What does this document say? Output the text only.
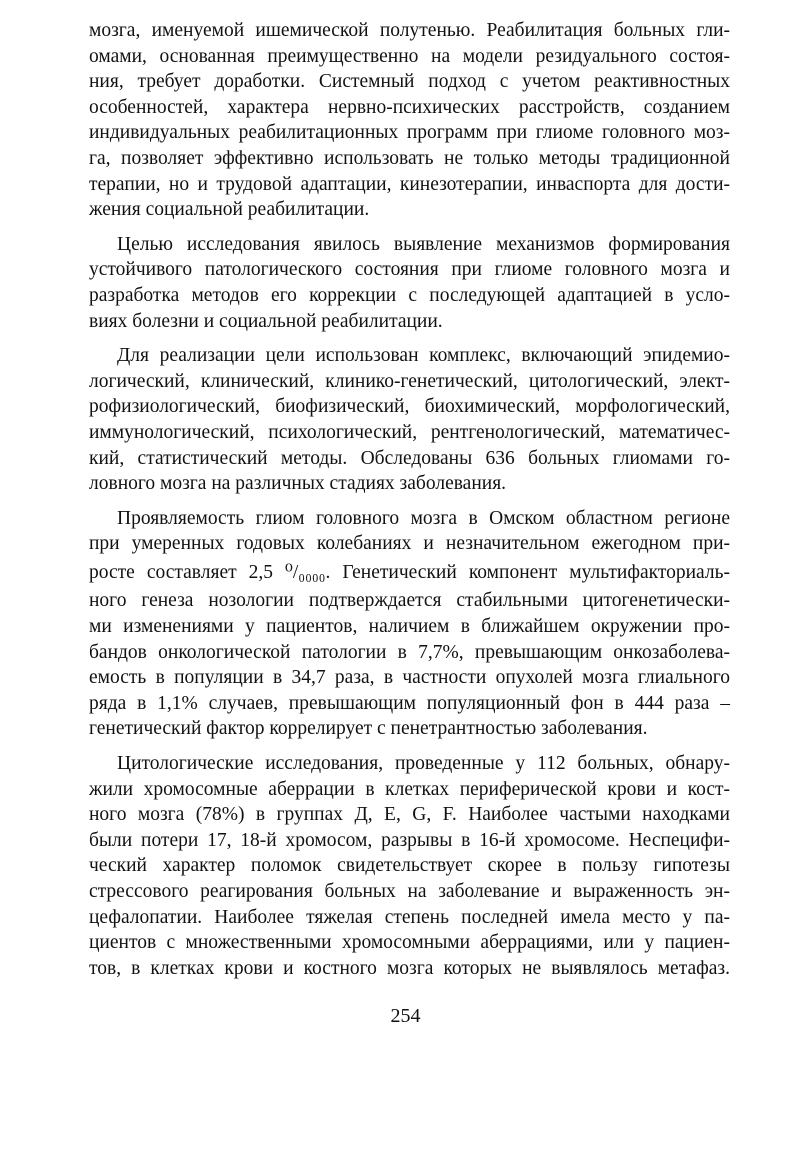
мозга, именуемой ишемической полутенью. Реабилитация больных гли-
омами, основанная преимущественно на модели резидуального состоя-
ния, требует доработки. Системный подход с учетом реактивностных
особенностей, характера нервно-психических расстройств, созданием
индивидуальных реабилитационных программ при глиоме головного моз-
га, позволяет эффективно использовать не только методы традиционной
терапии, но и трудовой адаптации, кинезотерапии, инваспорта для дости-
жения социальной реабилитации.
Целью исследования явилось выявление механизмов формирования
устойчивого патологического состояния при глиоме головного мозга и
разработка методов его коррекции с последующей адаптацией в усло-
виях болезни и социальной реабилитации.
Для реализации цели использован комплекс, включающий эпидемио-
логический, клинический, клинико-генетический, цитологический, элект-
рофизиологический, биофизический, биохимический, морфологический,
иммунологический, психологический, рентгенологический, математичес-
кий, статистический методы. Обследованы 636 больных глиомами го-
ловного мозга на различных стадиях заболевания.
Проявляемость глиом головного мозга в Омском областном регионе
при умеренных годовых колебаниях и незначительном ежегодном при-
росте составляет 2,5 ⁰/₀₀₀₀. Генетический компонент мультифакториаль-
ного генеза нозологии подтверждается стабильными цитогенетически-
ми изменениями у пациентов, наличием в ближайшем окружении про-
бандов онкологической патологии в 7,7%, превышающим онкозаболева-
емость в популяции в 34,7 раза, в частности опухолей мозга глиального
ряда в 1,1% случаев, превышающим популяционный фон в 444 раза –
генетический фактор коррелирует с пенетрантностью заболевания.
Цитологические исследования, проведенные у 112 больных, обнару-
жили хромосомные аберрации в клетках периферической крови и кост-
ного мозга (78%) в группах Д, Е, G, F. Наиболее частыми находками
были потери 17, 18-й хромосом, разрывы в 16-й хромосоме. Неспецифи-
ческий характер поломок свидетельствует скорее в пользу гипотезы
стрессового реагирования больных на заболевание и выраженность эн-
цефалопатии. Наиболее тяжелая степень последней имела место у па-
циентов с множественными хромосомными аберрациями, или у пациен-
тов, в клетках крови и костного мозга которых не выявлялось метафаз.
254
